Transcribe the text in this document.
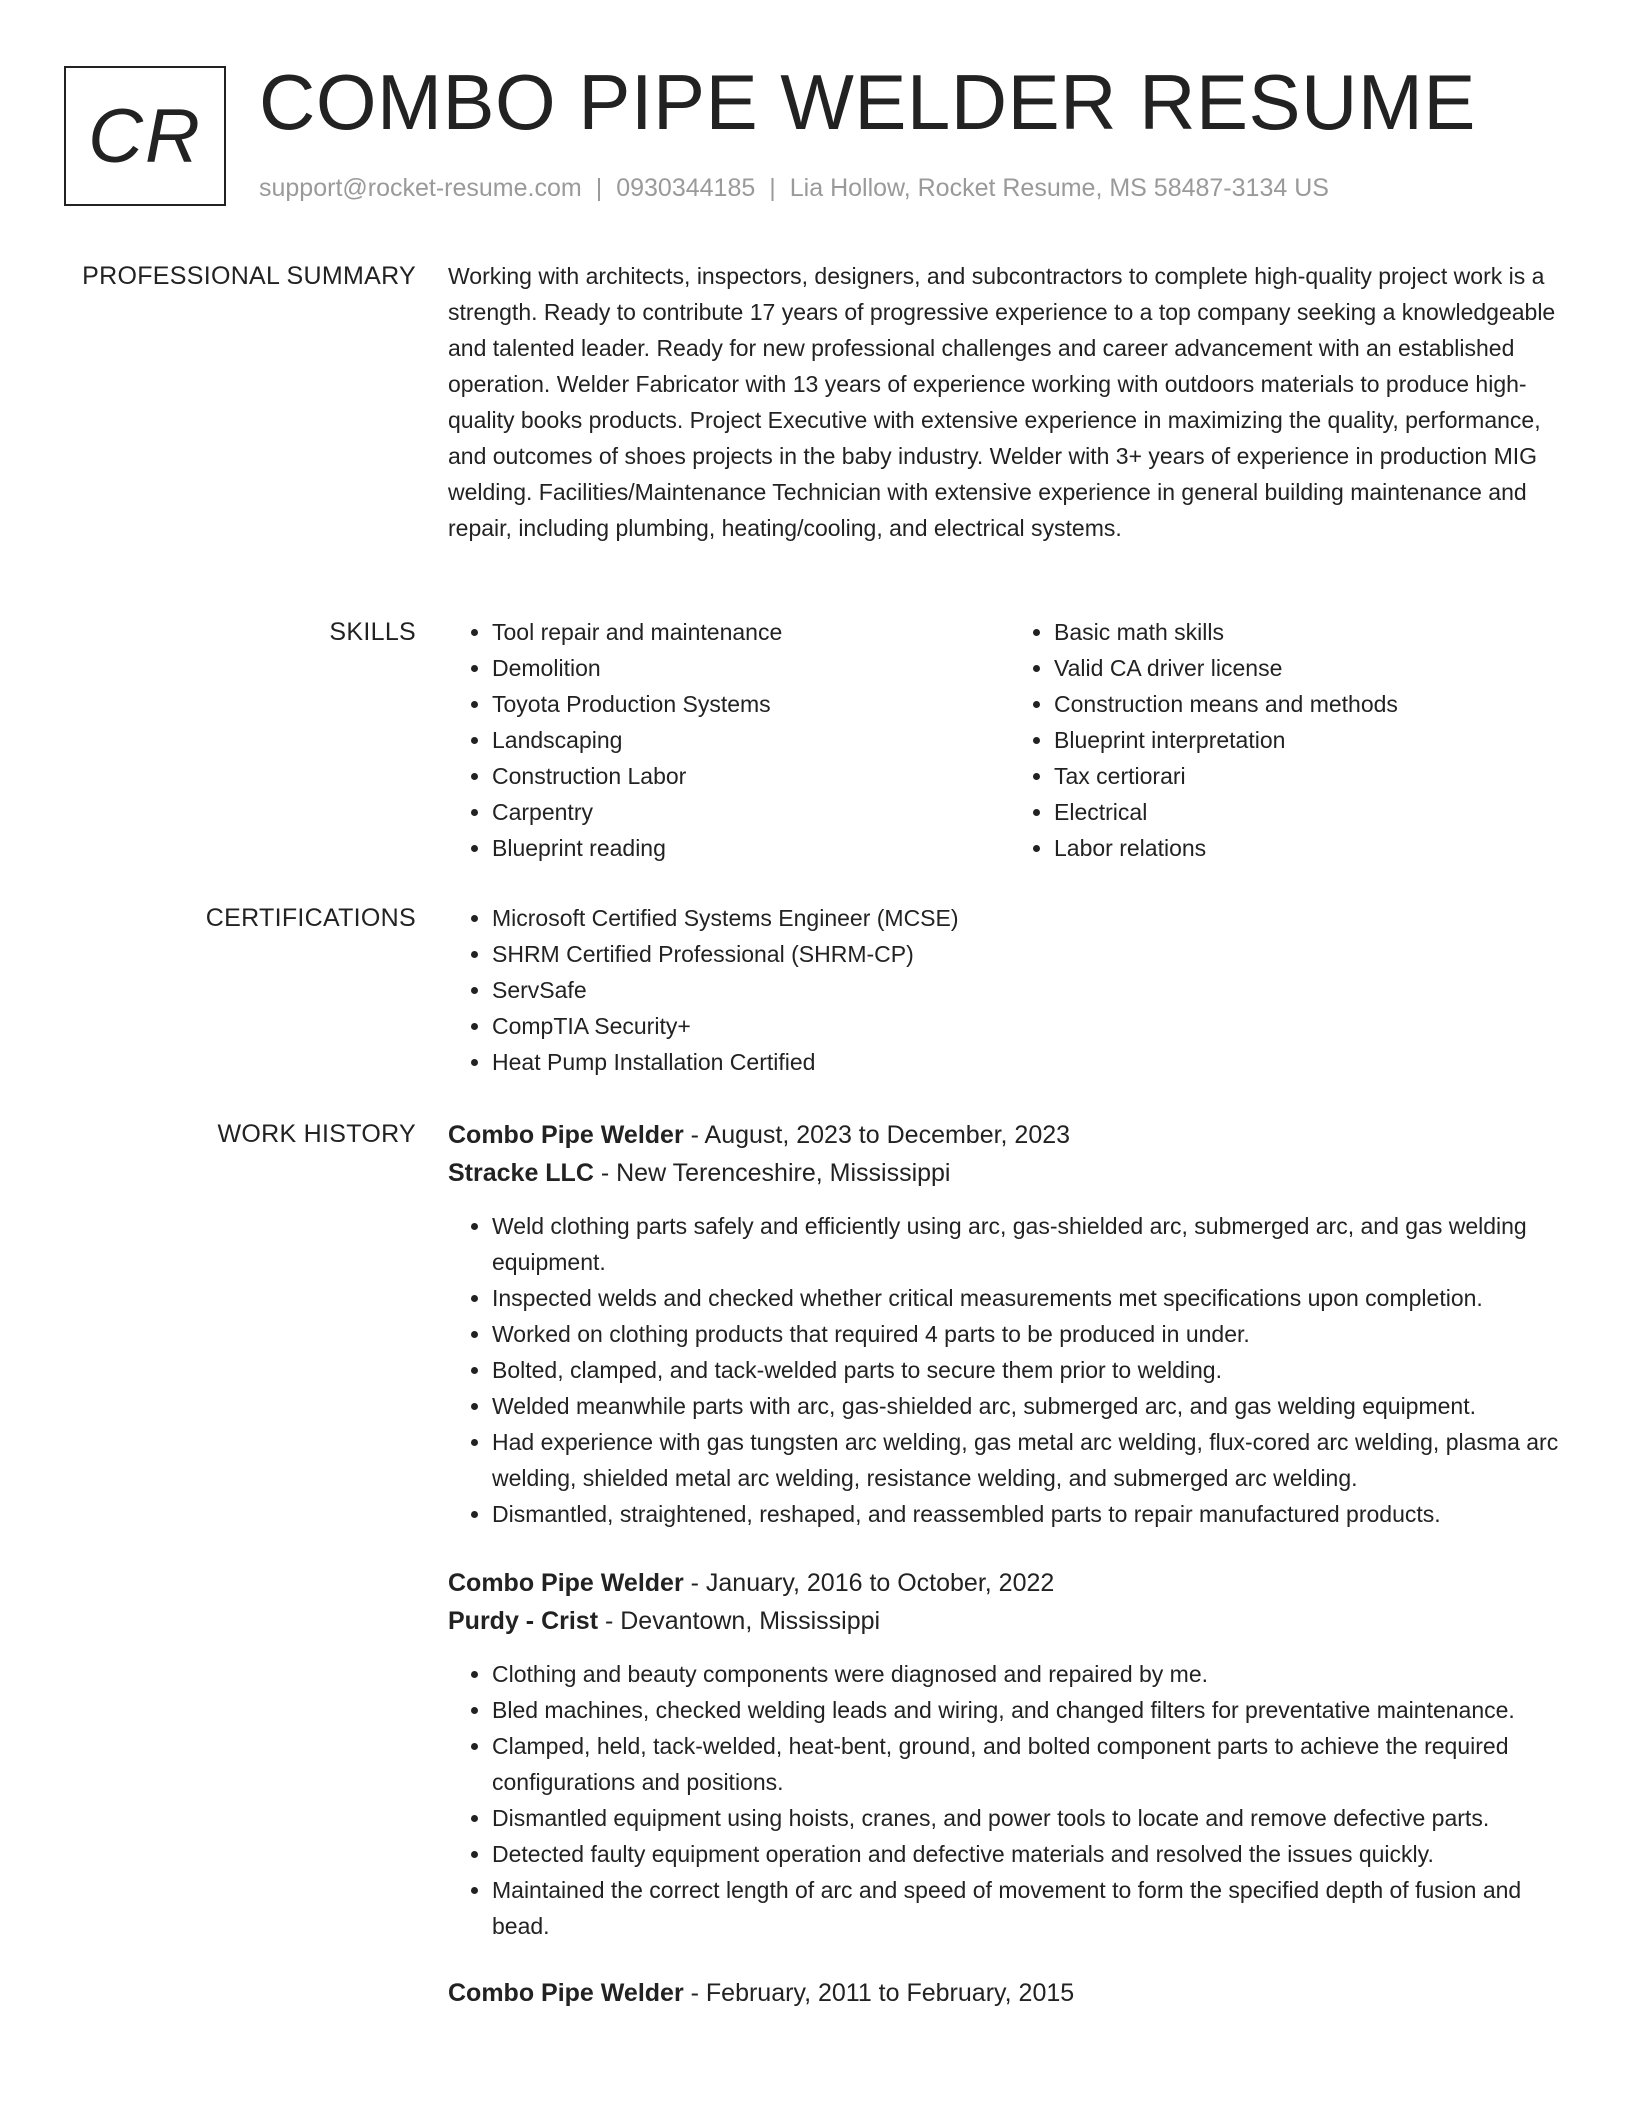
CR COMBO PIPE WELDER RESUME
support@rocket-resume.com | 0930344185 | Lia Hollow, Rocket Resume, MS 58487-3134 US
PROFESSIONAL SUMMARY Working with architects, inspectors, designers, and subcontractors to complete high-quality project work is a strength. Ready to contribute 17 years of progressive experience to a top company seeking a knowledgeable and talented leader. Ready for new professional challenges and career advancement with an established operation. Welder Fabricator with 13 years of experience working with outdoors materials to produce high-quality books products. Project Executive with extensive experience in maximizing the quality, performance, and outcomes of shoes projects in the baby industry. Welder with 3+ years of experience in production MIG welding. Facilities/Maintenance Technician with extensive experience in general building maintenance and repair, including plumbing, heating/cooling, and electrical systems.

SKILLS	• Tool repair and maintenance
• Demolition
• Toyota Production Systems
• Landscaping
• Construction Labor
• Carpentry
• Blueprint reading
• Basic math skills
• Valid CA driver license
• Construction means and methods
• Blueprint interpretation
• Tax certiorari
• Electrical
• Labor relations
CERTIFICATIONS	• Microsoft Certified Systems Engineer (MCSE)
• SHRM Certified Professional (SHRM-CP)
• ServSafe
• CompTIA Security+
• Heat Pump Installation Certified
WORK HISTORY Combo Pipe Welder - August, 2023 to December, 2023
Stracke LLC - New Terenceshire, Mississippi
• Weld clothing parts safely and efficiently using arc, gas-shielded arc, submerged arc, and gas welding equipment.
• Inspected welds and checked whether critical measurements met specifications upon completion.
• Worked on clothing products that required 4 parts to be produced in under.
• Bolted, clamped, and tack-welded parts to secure them prior to welding.
• Welded meanwhile parts with arc, gas-shielded arc, submerged arc, and gas welding equipment.
• Had experience with gas tungsten arc welding, gas metal arc welding, flux-cored arc welding, plasma arc welding, shielded metal arc welding, resistance welding, and submerged arc welding.
• Dismantled, straightened, reshaped, and reassembled parts to repair manufactured products.
Combo Pipe Welder - January, 2016 to October, 2022
Purdy - Crist - Devantown, Mississippi
• Clothing and beauty components were diagnosed and repaired by me.
• Bled machines, checked welding leads and wiring, and changed filters for preventative maintenance.
• Clamped, held, tack-welded, heat-bent, ground, and bolted component parts to achieve the required configurations and positions.
• Dismantled equipment using hoists, cranes, and power tools to locate and remove defective parts.
• Detected faulty equipment operation and defective materials and resolved the issues quickly.
• Maintained the correct length of arc and speed of movement to form the specified depth of fusion and bead.
Combo Pipe Welder - February, 2011 to February, 2015
